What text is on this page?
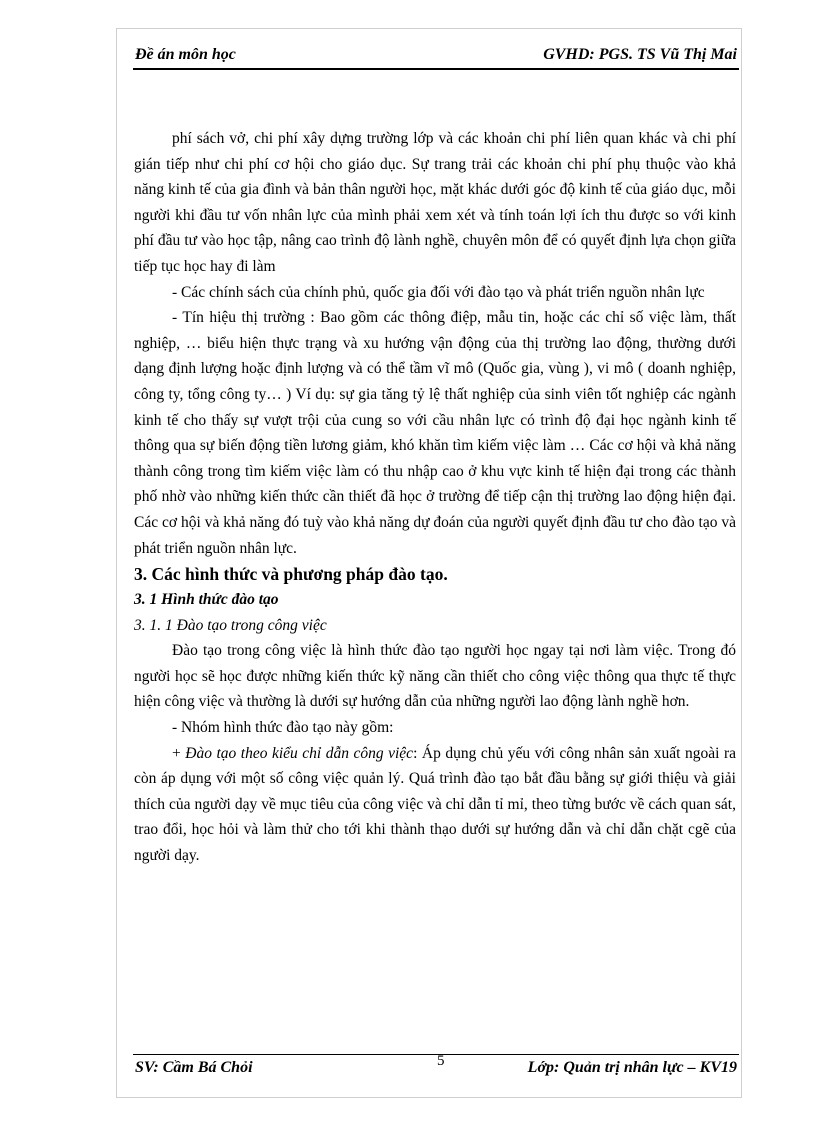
Đề án môn học	GVHD: PGS. TS Vũ Thị Mai

phí sách vở, chi phí xây dựng trường lớp và các khoản chi phí liên quan khác và chi phí gián tiếp như chi phí cơ hội cho giáo dục. Sự trang trải các khoản chi phí phụ thuộc vào khả năng kinh tế của gia đình và bản thân người học, mặt khác dưới góc độ kinh tế của giáo dục, mỗi người khi đầu tư vốn nhân lực của mình phải xem xét và tính toán lợi ích thu được so với kinh phí đầu tư vào học tập, nâng cao trình độ lành nghề, chuyên môn để có quyết định lựa chọn giữa tiếp tục học hay đi làm

- Các chính sách của chính phủ, quốc gia đối với đào tạo và phát triển nguồn nhân lực

- Tín hiệu thị trường : Bao gồm các thông điệp, mẫu tin, hoặc các chỉ số việc làm, thất nghiệp, … biểu hiện thực trạng và xu hướng vận động của thị trường lao động, thường dưới dạng định lượng hoặc định lượng và có thể tầm vĩ mô (Quốc gia, vùng ), vi mô ( doanh nghiệp, công ty, tổng công ty… ) Ví dụ: sự gia tăng tỷ lệ thất nghiệp của sinh viên tốt nghiệp các ngành kinh tế cho thấy sự vượt trội của cung so với cầu nhân lực có trình độ đại học ngành kinh tế thông qua sự biến động tiền lương giảm, khó khăn tìm kiếm việc làm … Các cơ hội và khả năng thành công trong tìm kiếm việc làm có thu nhập cao ở khu vực kinh tế hiện đại trong các thành phố nhờ vào những kiến thức cần thiết đã học ở trường để tiếp cận thị trường lao động hiện đại. Các cơ hội và khả năng đó tuỳ vào khả năng dự đoán của người quyết định đầu tư cho đào tạo và phát triển nguồn nhân lực.

3. Các hình thức và phương pháp đào tạo.

3. 1 Hình thức đào tạo

3. 1. 1 Đào tạo trong công việc

Đào tạo trong công việc là hình thức đào tạo người học ngay tại nơi làm việc. Trong đó người học sẽ học được những kiến thức kỹ năng cần thiết cho công việc thông qua thực tế thực hiện công việc và thường là dưới sự hướng dẫn của những người lao động lành nghề hơn.

- Nhóm hình thức đào tạo này gồm:

+ Đào tạo theo kiểu chỉ dẫn công việc: Áp dụng chủ yếu với công nhân sản xuất ngoài ra còn áp dụng với một số công việc quản lý. Quá trình đào tạo bắt đầu bằng sự giới thiệu và giải thích của người dạy về mục tiêu của công việc và chỉ dẫn tỉ mỉ, theo từng bước về cách quan sát, trao đổi, học hỏi và làm thử cho tới khi thành thạo dưới sự hướng dẫn và chỉ dẫn chặt cgẽ của người dạy.

SV: Cầm Bá Chỏi	5	Lớp: Quản trị nhân lực – KV19
